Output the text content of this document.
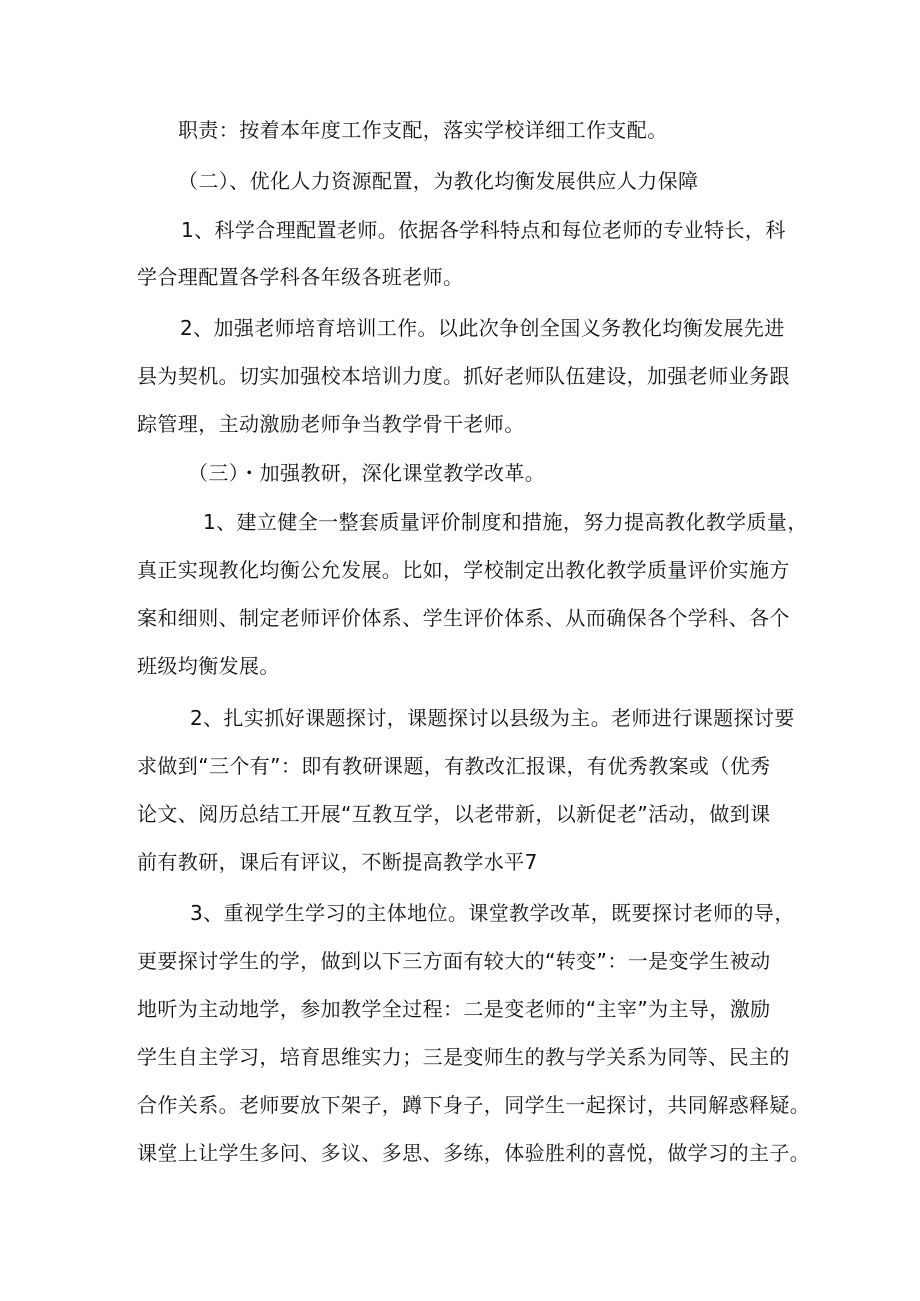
职责：按着本年度工作支配，落实学校详细工作支配。
（二）、优化人力资源配置，为教化均衡发展供应人力保障
1、科学合理配置老师。依据各学科特点和每位老师的专业特长，科
学合理配置各学科各年级各班老师。
2、加强老师培育培训工作。以此次争创全国义务教化均衡发展先进
县为契机。切实加强校本培训力度。抓好老师队伍建设，加强老师业务跟
踪管理，主动激励老师争当教学骨干老师。
（三）・加强教研，深化课堂教学改革。
1、建立健全一整套质量评价制度和措施，努力提高教化教学质量，
真正实现教化均衡公允发展。比如，学校制定出教化教学质量评价实施方
案和细则、制定老师评价体系、学生评价体系、从而确保各个学科、各个
班级均衡发展。
2、扎实抓好课题探讨，课题探讨以县级为主。老师进行课题探讨要
求做到“三个有”：即有教研课题，有教改汇报课，有优秀教案或（优秀
论文、阅历总结工开展“互教互学，以老带新，以新促老”活动，做到课
前有教研，课后有评议，不断提高教学水平7
3、重视学生学习的主体地位。课堂教学改革，既要探讨老师的导，
更要探讨学生的学，做到以下三方面有较大的“转变”：一是变学生被动
地听为主动地学，参加教学全过程：二是变老师的“主宰”为主导，激励
学生自主学习，培育思维实力；三是变师生的教与学关系为同等、民主的
合作关系。老师要放下架子，蹲下身子，同学生一起探讨，共同解惑释疑。
课堂上让学生多问、多议、多思、多练，体验胜利的喜悦，做学习的主子。
